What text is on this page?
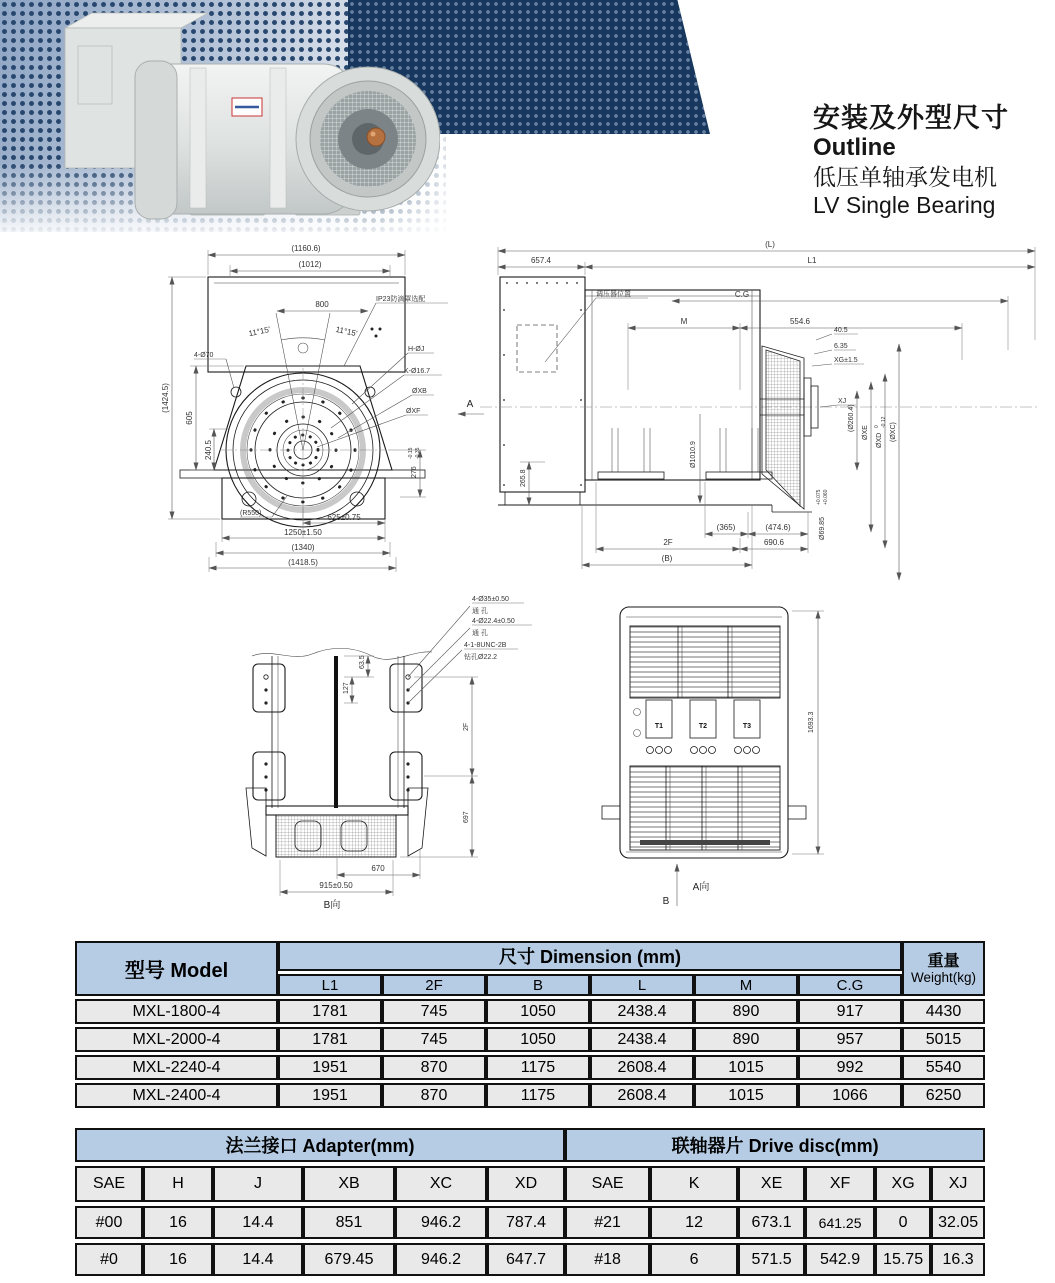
安装及外型尺寸
Outline
低压单轴承发电机
LV Single Bearing
(1160.6)
(1012)
800
11°15'	11°15'
(1424.5)
605
240.5
4-Ø70
IP23防滴罩选配
H-ØJ
K-Ø16.7
ØXB
ØXF
276
-0.15 -0.35
(R550)	625±0.75
1250±1.50
(1340)
(1418.5)
(L)
657.4	L1
C.G
M	554.6
调压器位置
40.5
6.35
XG±1.5
XJ
(Ø260.4)
ØXE
ØXD
0 -0.12 (ØXC)
Ø69.85
+0.075 +0.060
265.8
Ø1010.9
(365)	(474.6)
2F	690.6
(B)
A
4-Ø35±0.50
通 孔
4-Ø22.4±0.50
通 孔
4-1-8UNC-2B
钻孔Ø22.2
63.5
127
2F
697
670
915±0.50
B向
T1	T2	T3	1693.3
A向
B
型号 Model	尺寸 Dimension (mm)						重量
Weight(kg)

	L1	2F	B	L	M	C.G	
MXL-1800-4	1781	745	1050	2438.4	890	917	4430
MXL-2000-4	1781	745	1050	2438.4	890	957	5015
MXL-2240-4	1951	870	1175	2608.4	1015	992	5540
MXL-2400-4	1951	870	1175	2608.4	1015	1066	6250
法兰接口 Adapter(mm)						联轴器片 Drive disc(mm)					
SAE	H	J	XB	XC	XD	SAE	K	XE	XF	XG	XJ
#00	16	14.4	851	946.2	787.4	#21	12	673.1	641.25	0	32.05
#0	16	14.4	679.45	946.2	647.7	#18	6	571.5	542.9	15.75	16.3
